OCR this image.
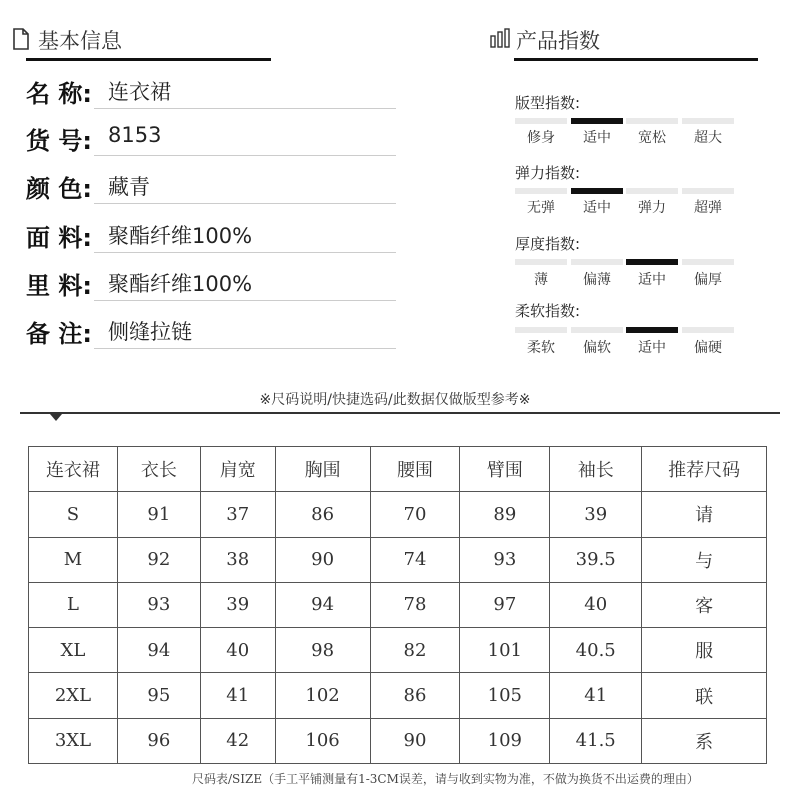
基本信息
名 称: 连衣裙
货 号: 8153
颜 色: 藏青
面 料: 聚酯纤维100%
里 料: 聚酯纤维100%
备 注: 侧缝拉链
产品指数
版型指数:
修身	适中	宽松	超大
弹力指数:
无弹	适中	弹力	超弹
厚度指数:
薄	偏薄	适中	偏厚
柔软指数:
柔软	偏软	适中	偏硬
※尺码说明/快捷选码/此数据仅做版型参考※
连衣裙	衣长	肩宽	胸围	腰围	臂围	袖长	推荐尺码
S	91	37	86	70	89	39	请
M	92	38	90	74	93	39.5	与
L	93	39	94	78	97	40	客
XL	94	40	98	82	101	40.5	服
2XL	95	41	102	86	105	41	联
3XL	96	42	106	90	109	41.5	系
尺码表/SIZE（手工平铺测量有1-3CM误差，请与收到实物为准，不做为换货不出运费的理由）
